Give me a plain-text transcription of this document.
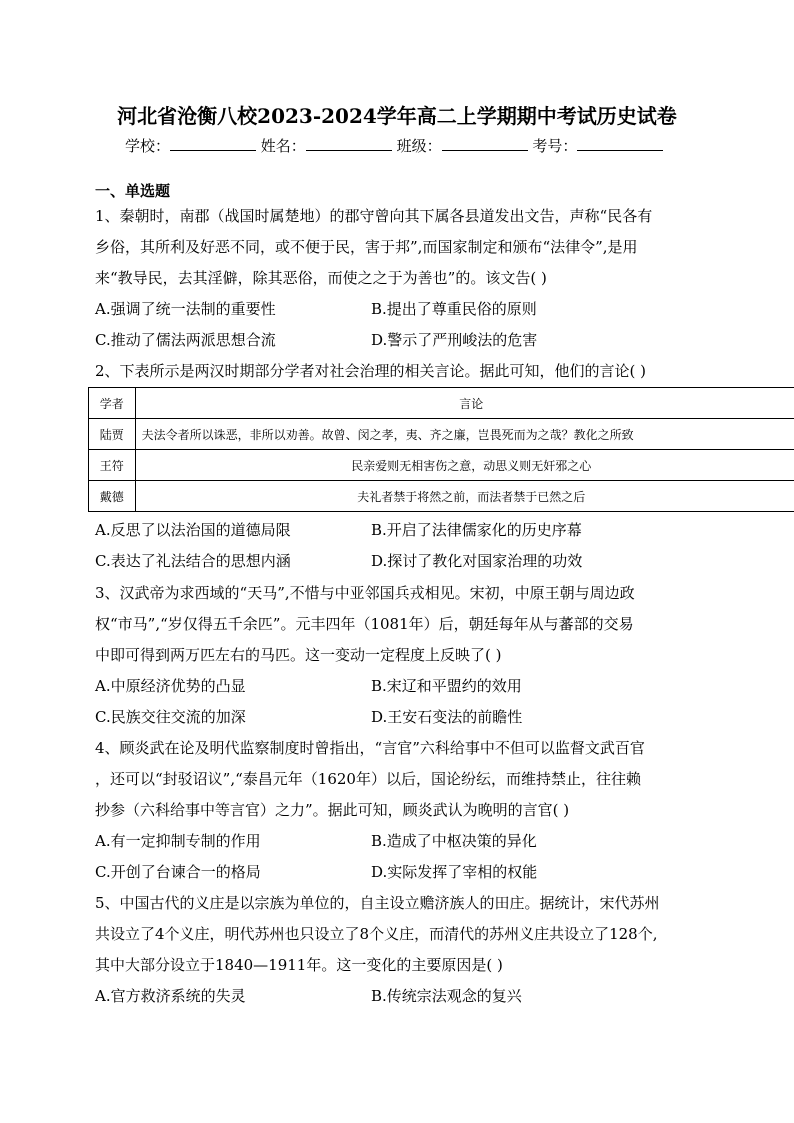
河北省沧衡八校2023-2024学年高二上学期期中考试历史试卷
学校：	姓名：	班级：	考号：
一、单选题
1、秦朝时，南郡（战国时属楚地）的郡守曾向其下属各县道发出文告，声称“民各有
乡俗，其所利及好恶不同，或不便于民，害于邦”,而国家制定和颁布“法律令”,是用
来“教导民，去其淫僻，除其恶俗，而使之之于为善也”的。该文告( )
A.强调了统一法制的重要性	B.提出了尊重民俗的原则
C.推动了儒法两派思想合流	D.警示了严刑峻法的危害
2、下表所示是两汉时期部分学者对社会治理的相关言论。据此可知，他们的言论( )
学者	言论
陆贾	夫法令者所以诛恶，非所以劝善。故曾、闵之孝，夷、齐之廉，岂畏死而为之哉？教化之所致
王符	民亲爱则无相害伤之意，动思义则无奸邪之心
戴德	夫礼者禁于将然之前，而法者禁于已然之后
A.反思了以法治国的道德局限	B.开启了法律儒家化的历史序幕
C.表达了礼法结合的思想内涵	D.探讨了教化对国家治理的功效
3、汉武帝为求西域的“天马”,不惜与中亚邻国兵戎相见。宋初，中原王朝与周边政
权“市马”,“岁仅得五千余匹”。元丰四年（1081年）后，朝廷每年从与蕃部的交易
中即可得到两万匹左右的马匹。这一变动一定程度上反映了( )
A.中原经济优势的凸显	B.宋辽和平盟约的效用
C.民族交往交流的加深	D.王安石变法的前瞻性
4、顾炎武在论及明代监察制度时曾指出，“言官”六科给事中不但可以监督文武百官
，还可以“封驳诏议”,“泰昌元年（1620年）以后，国论纷纭，而维持禁止，往往赖
抄参（六科给事中等言官）之力”。据此可知，顾炎武认为晚明的言官( )
A.有一定抑制专制的作用	B.造成了中枢决策的异化
C.开创了台谏合一的格局	D.实际发挥了宰相的权能
5、中国古代的义庄是以宗族为单位的，自主设立赡济族人的田庄。据统计，宋代苏州
共设立了4个义庄，明代苏州也只设立了8个义庄，而清代的苏州义庄共设立了128个,
其中大部分设立于1840—1911年。这一变化的主要原因是( )
A.官方救济系统的失灵	B.传统宗法观念的复兴
